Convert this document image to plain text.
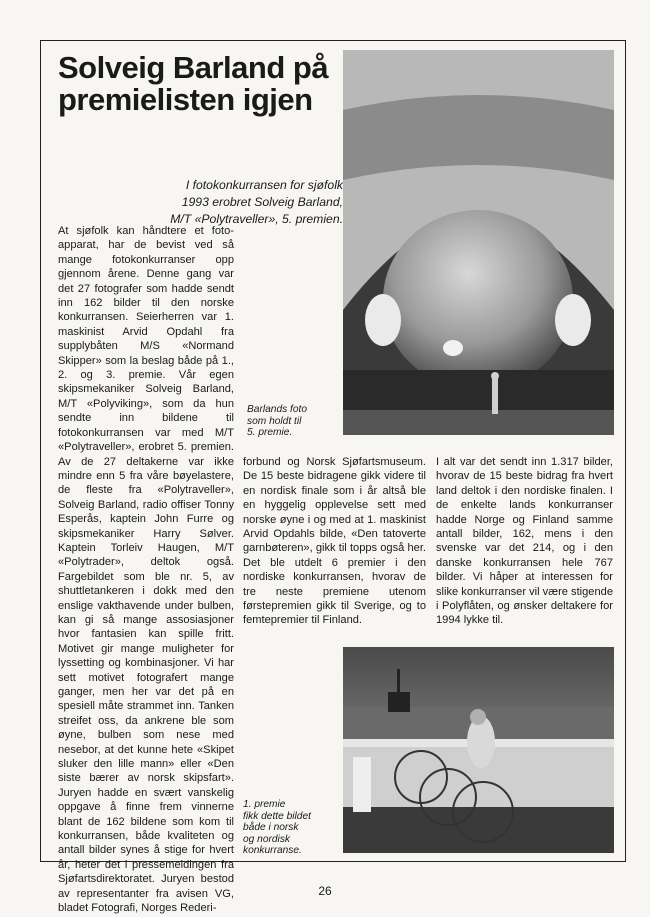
Solveig Barland på premielisten igjen

I fotokonkurransen for sjøfolk 1993 erobret Solveig Barland, M/T «Polytraveller», 5. premien.

At sjøfolk kan håndtere et foto-apparat, har de bevist ved så mange fotokonkurranser opp gjennom årene. Denne gang var det 27 fotografer som hadde sendt inn 162 bilder til den norske konkurransen. Seierherren var 1. maskinist Arvid Opdahl fra supplybåten M/S «Normand Skipper» som la beslag både på 1., 2. og 3. premie. Vår egen skipsmekaniker Solveig Barland, M/T «Polyviking», som da hun sendte inn bildene til fotokonkurransen var med M/T «Polytraveller», erobret 5. premien. Av de 27 deltakerne var ikke mindre enn 5 fra våre bøyelastere, de fleste fra «Polytraveller», Solveig Barland, radio offiser Tonny Esperås, kaptein John Furre og skipsmekaniker Harry Sølver. Kaptein Torleiv Haugen, M/T «Polytrader», deltok også. Fargebildet som ble nr. 5, av shuttletankeren i dokk med den enslige vakthavende under bulben, kan gi så mange assosiasjoner hvor fantasien kan spille fritt. Motivet gir mange muligheter for lyssetting og kombinasjoner. Vi har sett motivet fotografert mange ganger, men her var det på en spesiell måte strammet inn. Tanken streifet oss, da ankrene ble som øyne, bulben som nese med nesebor, at det kunne hete «Skipet sluker den lille mann» eller «Den siste bærer av norsk skipsfart». Juryen hadde en svært vanskelig oppgave å finne frem vinnerne blant de 162 bildene som kom til konkurransen, både kvaliteten og antall bilder synes å stige for hvert år, heter det i pressemeldingen fra Sjøfartsdirektoratet. Juryen bestod av representanter fra avisen VG, bladet Fotografi, Norges Rederi-

Barlands foto
som holdt til
5. premie.

forbund og Norsk Sjøfartsmuseum. De 15 beste bidragene gikk videre til en nordisk finale som i år altså ble en hyggelig opplevelse sett med norske øyne i og med at 1. maskinist Arvid Opdahls bilde, «Den tatoverte garnbøteren», gikk til topps også her. Det ble utdelt 6 premier i den nordiske konkurransen, hvorav de tre neste premiene utenom førstepremien gikk til Sverige, og to femtepremier til Finland.

I alt var det sendt inn 1.317 bilder, hvorav de 15 beste bidrag fra hvert land deltok i den nordiske finalen. I de enkelte lands konkurranser hadde Norge og Finland samme antall bilder, 162, mens i den svenske var det 214, og i den danske konkurransen hele 767 bilder. Vi håper at interessen for slike konkurranser vil være stigende i Polyflåten, og ønsker deltakere for 1994 lykke til.

1. premie
fikk dette bildet
både i norsk
og nordisk
konkurranse.
26
